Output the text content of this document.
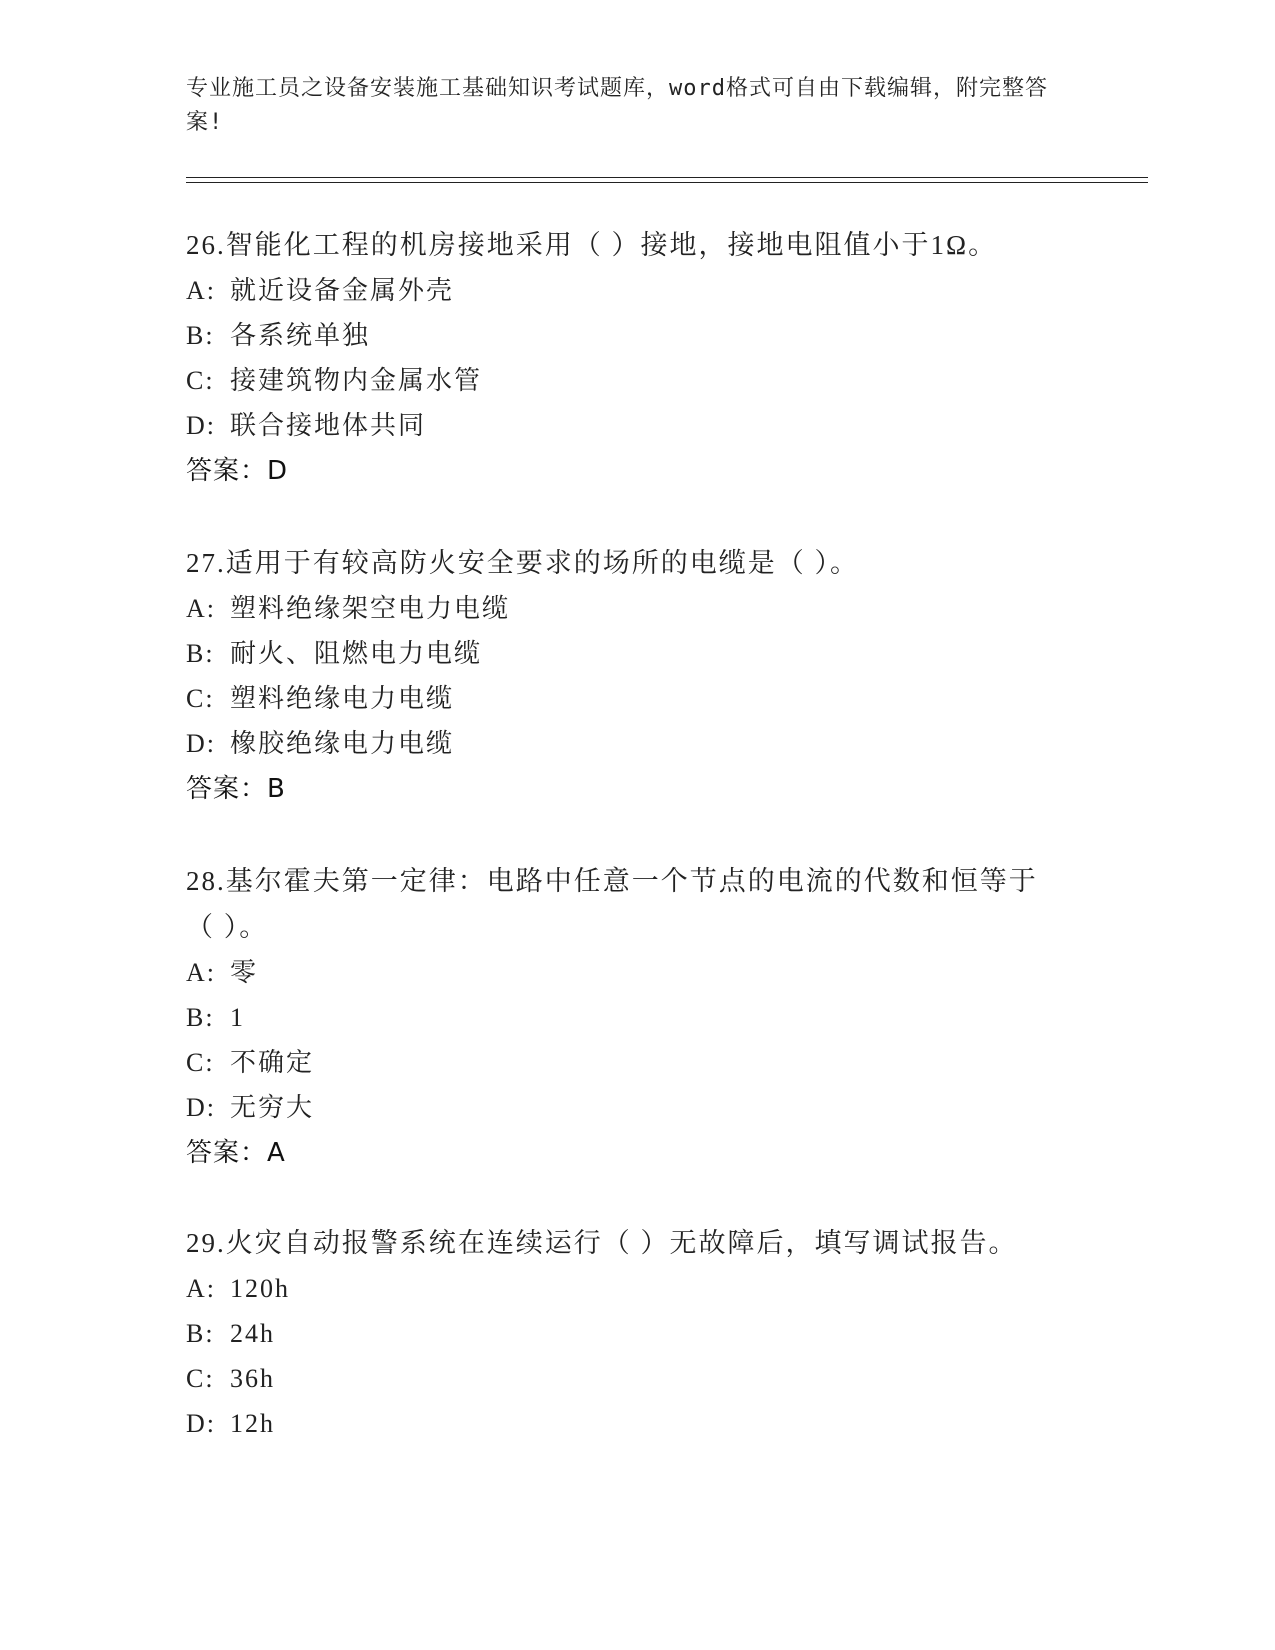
专业施工员之设备安装施工基础知识考试题库，word格式可自由下载编辑，附完整答案!

26.智能化工程的机房接地采用（ ）接地，接地电阻值小于1Ω。

A: 就近设备金属外壳

B: 各系统单独

C: 接建筑物内金属水管

D: 联合接地体共同

答案：D

27.适用于有较高防火安全要求的场所的电缆是（ ）。

A: 塑料绝缘架空电力电缆

B: 耐火、阻燃电力电缆

C: 塑料绝缘电力电缆

D: 橡胶绝缘电力电缆

答案：B

28.基尔霍夫第一定律：电路中任意一个节点的电流的代数和恒等于（ ）。

A: 零

B: 1

C: 不确定

D: 无穷大

答案：A

29.火灾自动报警系统在连续运行（ ）无故障后，填写调试报告。

A: 120h

B: 24h

C: 36h

D: 12h
